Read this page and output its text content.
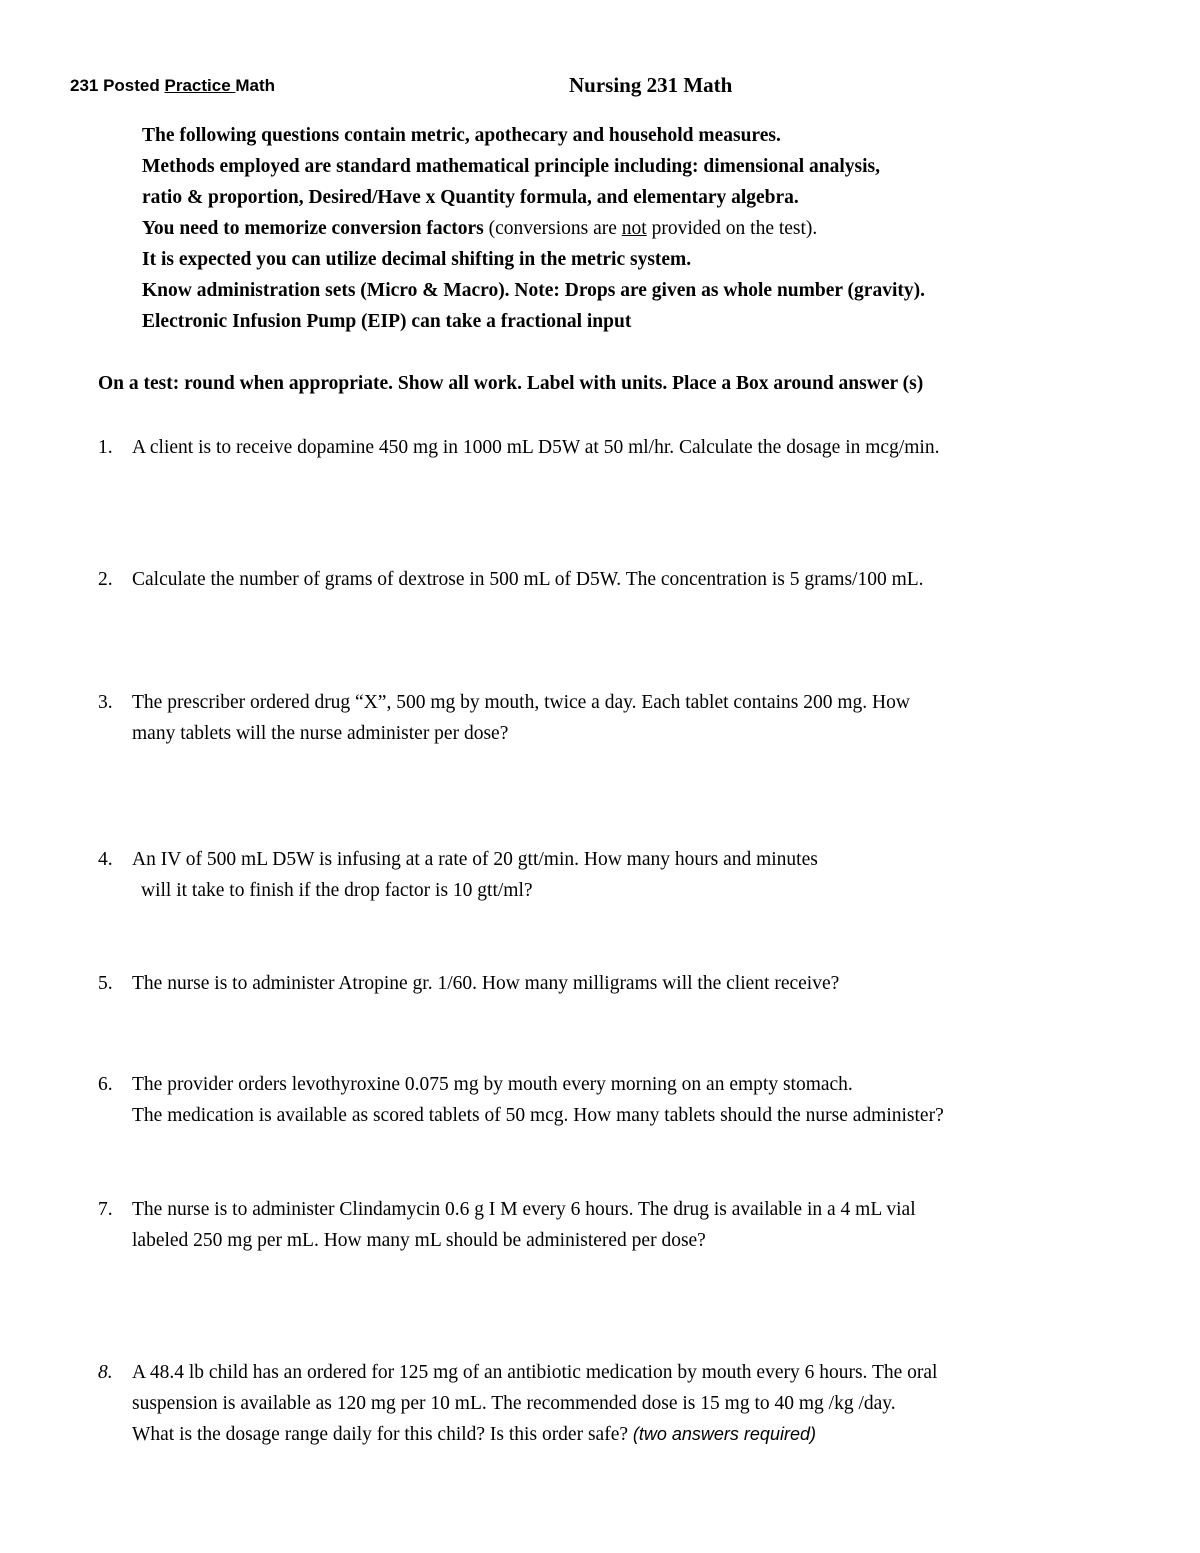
231 Posted Practice Math	Nursing 231 Math
The following questions contain metric, apothecary and household measures.
Methods employed are standard mathematical principle including: dimensional analysis,
ratio & proportion, Desired/Have x Quantity formula, and elementary algebra.
You need to memorize conversion factors (conversions are not provided on the test).
It is expected you can utilize decimal shifting in the metric system.
Know administration sets (Micro & Macro). Note: Drops are given as whole number (gravity).
Electronic Infusion Pump (EIP) can take a fractional input
On a test: round when appropriate. Show all work. Label with units. Place a Box around answer (s)
1. A client is to receive dopamine 450 mg in 1000 mL D5W at 50 ml/hr. Calculate the dosage in mcg/min.
2. Calculate the number of grams of dextrose in 500 mL of D5W. The concentration is 5 grams/100 mL.
3. The prescriber ordered drug “X”, 500 mg by mouth, twice a day. Each tablet contains 200 mg. How
many tablets will the nurse administer per dose?
4. An IV of 500 mL D5W is infusing at a rate of 20 gtt/min. How many hours and minutes
will it take to finish if the drop factor is 10 gtt/ml?
5. The nurse is to administer Atropine gr. 1/60. How many milligrams will the client receive?
6. The provider orders levothyroxine 0.075 mg by mouth every morning on an empty stomach.
The medication is available as scored tablets of 50 mcg. How many tablets should the nurse administer?
7. The nurse is to administer Clindamycin 0.6 g I M every 6 hours. The drug is available in a 4 mL vial
labeled 250 mg per mL. How many mL should be administered per dose?
8. A 48.4 lb child has an ordered for 125 mg of an antibiotic medication by mouth every 6 hours. The oral
suspension is available as 120 mg per 10 mL. The recommended dose is 15 mg to 40 mg /kg /day.
What is the dosage range daily for this child? Is this order safe? (two answers required)
